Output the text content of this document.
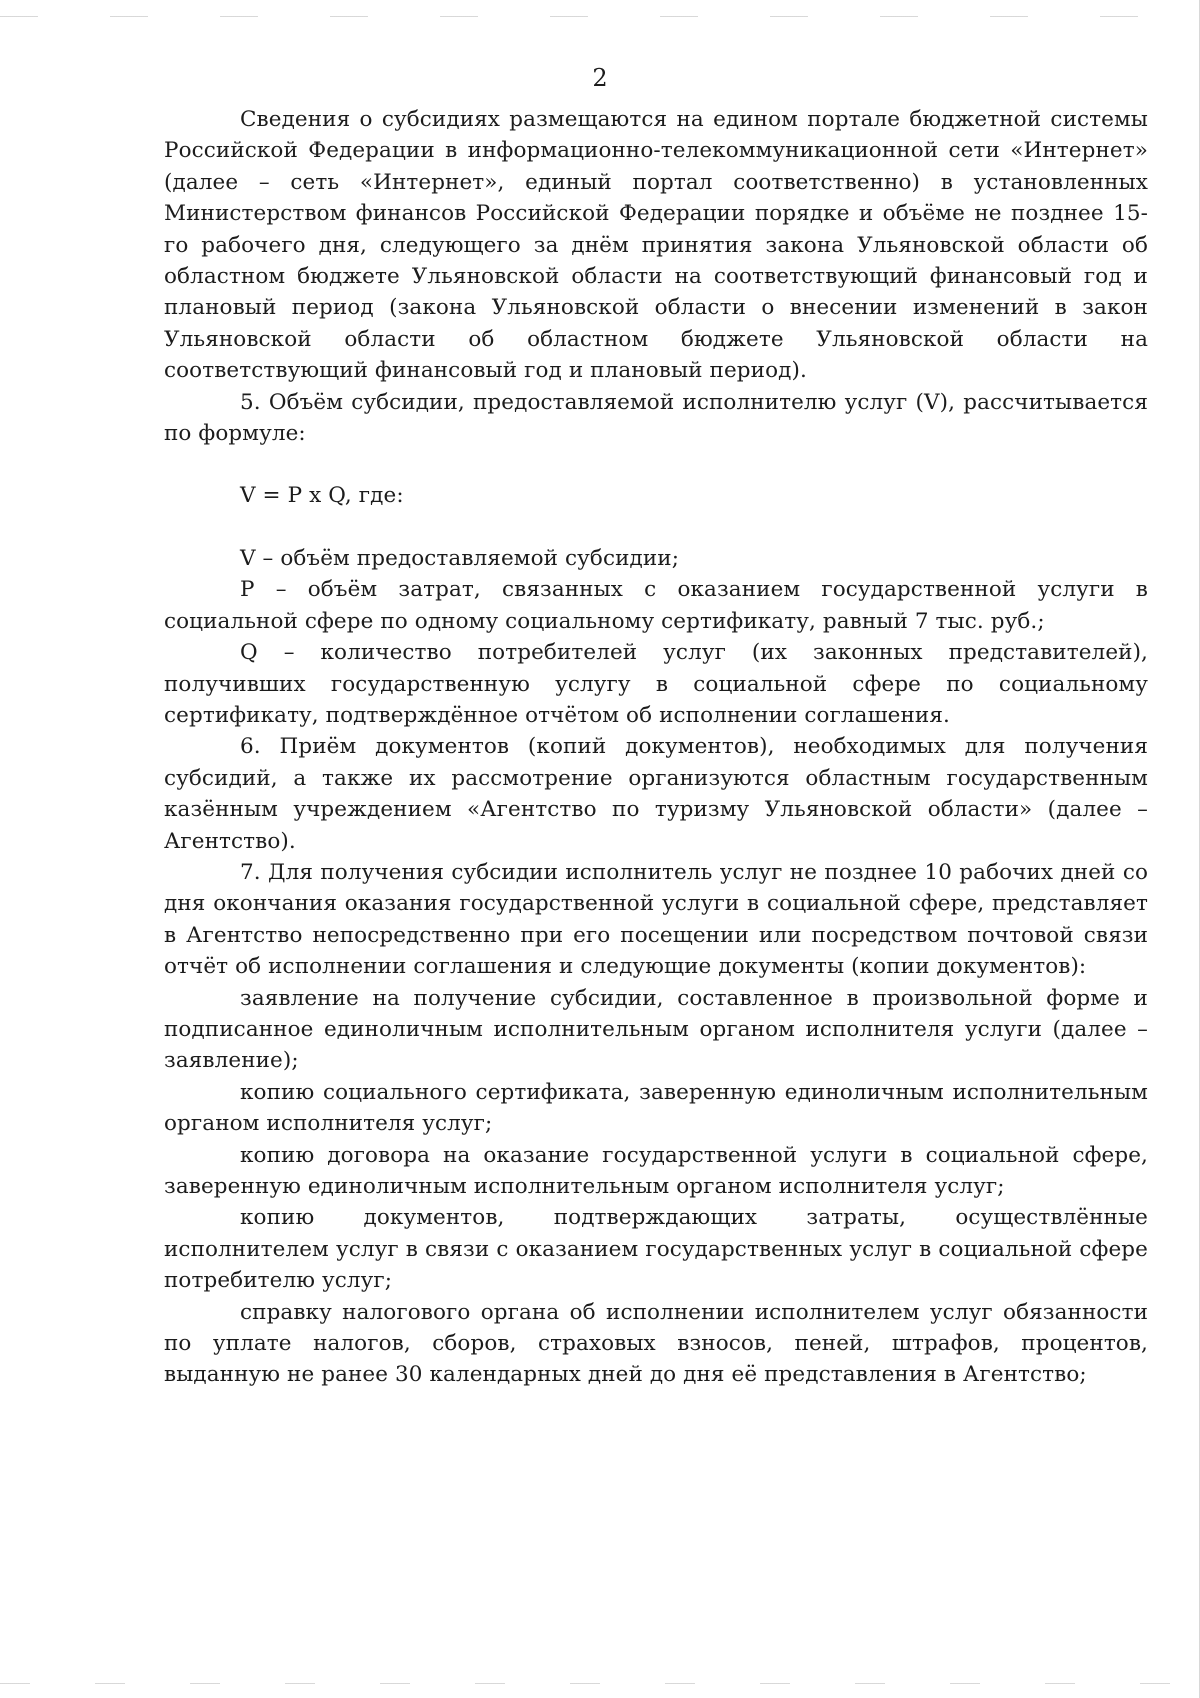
2

Сведения о субсидиях размещаются на едином портале бюджетной системы Российской Федерации в информационно-телекоммуникационной сети «Интернет» (далее – сеть «Интернет», единый портал соответственно) в установленных Министерством финансов Российской Федерации порядке и объёме не позднее 15-го рабочего дня, следующего за днём принятия закона Ульяновской области об областном бюджете Ульяновской области на соответствующий финансовый год и плановый период (закона Ульяновской области о внесении изменений в закон Ульяновской области об областном бюджете Ульяновской области на соответствующий финансовый год и плановый период).

5. Объём субсидии, предоставляемой исполнителю услуг (V), рассчитывается по формуле:

V = P x Q, где:

V – объём предоставляемой субсидии;

P – объём затрат, связанных с оказанием государственной услуги в социальной сфере по одному социальному сертификату, равный 7 тыс. руб.;

Q – количество потребителей услуг (их законных представителей), получивших государственную услугу в социальной сфере по социальному сертификату, подтверждённое отчётом об исполнении соглашения.

6. Приём документов (копий документов), необходимых для получения субсидий, а также их рассмотрение организуются областным государственным казённым учреждением «Агентство по туризму Ульяновской области» (далее – Агентство).

7. Для получения субсидии исполнитель услуг не позднее 10 рабочих дней со дня окончания оказания государственной услуги в социальной сфере, представляет в Агентство непосредственно при его посещении или посредством почтовой связи отчёт об исполнении соглашения и следующие документы (копии документов):

заявление на получение субсидии, составленное в произвольной форме и подписанное единоличным исполнительным органом исполнителя услуги (далее – заявление);

копию социального сертификата, заверенную единоличным исполнительным органом исполнителя услуг;

копию договора на оказание государственной услуги в социальной сфере, заверенную единоличным исполнительным органом исполнителя услуг;

копию документов, подтверждающих затраты, осуществлённые исполнителем услуг в связи с оказанием государственных услуг в социальной сфере потребителю услуг;

справку налогового органа об исполнении исполнителем услуг обязанности по уплате налогов, сборов, страховых взносов, пеней, штрафов, процентов, выданную не ранее 30 календарных дней до дня её представления в Агентство;
